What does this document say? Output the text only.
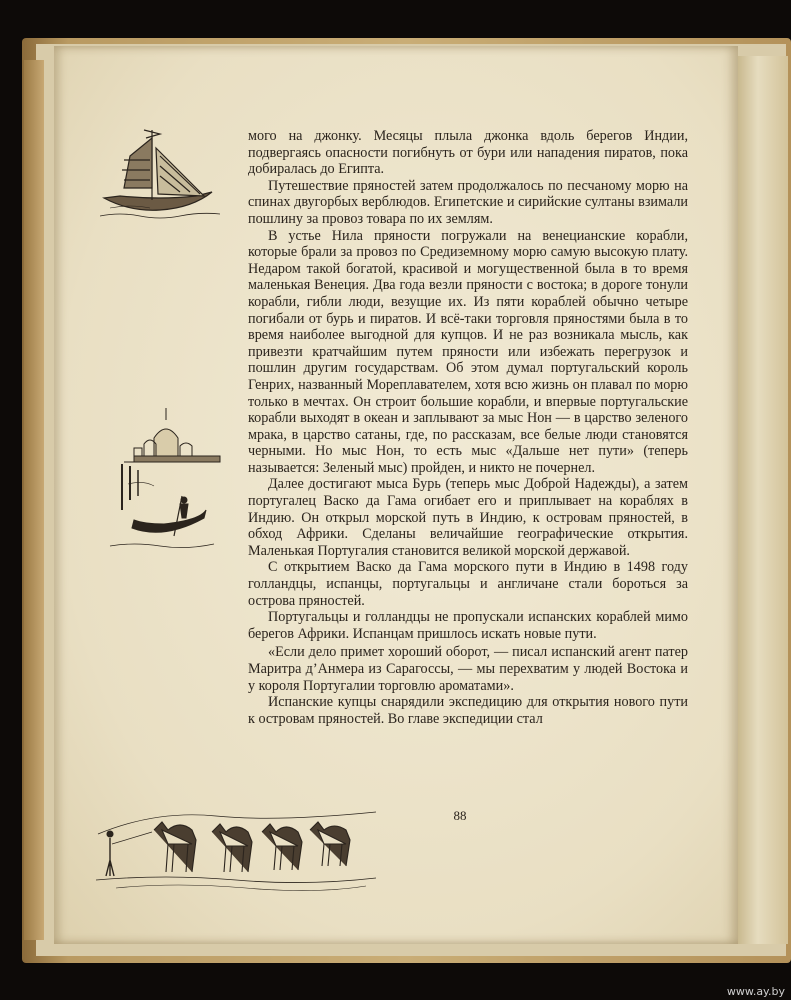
мого на джонку. Месяцы плыла джонка вдоль берегов Индии, подвергаясь опасности погибнуть от бури или нападения пиратов, пока добиралась до Египта.

Путешествие пряностей затем продолжалось по песчаному морю на спинах двугорбых верблюдов. Египетские и сирийские султаны взимали пошлину за провоз товара по их землям.

В устье Нила пряности погружали на венецианские корабли, которые брали за провоз по Средиземному морю самую высокую плату. Недаром такой богатой, красивой и могущественной была в то время маленькая Венеция. Два года везли пряности с востока; в дороге тонули корабли, гибли люди, везущие их. Из пяти кораблей обычно четыре погибали от бурь и пиратов. И всё-таки торговля пряностями была в то время наиболее выгодной для купцов. И не раз возникала мысль, как привезти кратчайшим путем пряности или избежать перегрузок и пошлин другим государствам. Об этом думал португальский король Генрих, названный Мореплавателем, хотя всю жизнь он плавал по морю только в мечтах. Он строит большие корабли, и впервые португальские корабли выходят в океан и заплывают за мыс Нон — в царство зеленого мрака, в царство сатаны, где, по рассказам, все белые люди становятся черными. Но мыс Нон, то есть мыс «Дальше нет пути» (теперь называется: Зеленый мыс) пройден, и никто не почернел.

Далее достигают мыса Бурь (теперь мыс Доброй Надежды), а затем португалец Васко да Гама огибает его и приплывает на кораблях в Индию. Он открыл морской путь в Индию, к островам пряностей, в обход Африки. Сделаны величайшие географические открытия. Маленькая Португалия становится великой морской державой.

С открытием Васко да Гама морского пути в Индию в 1498 году голландцы, испанцы, португальцы и англичане стали бороться за острова пряностей.

Португальцы и голландцы не пропускали испанских кораблей мимо берегов Африки. Испанцам пришлось искать новые пути.

«Если дело примет хороший оборот, — писал испанский агент патер Маритра д’Анмера из Сарагоссы, — мы перехватим у людей Востока и у короля Португалии торговлю ароматами».

Испанские купцы снарядили экспедицию для открытия нового пути к островам пряностей. Во главе экспедиции стал

88
www.ay.by
